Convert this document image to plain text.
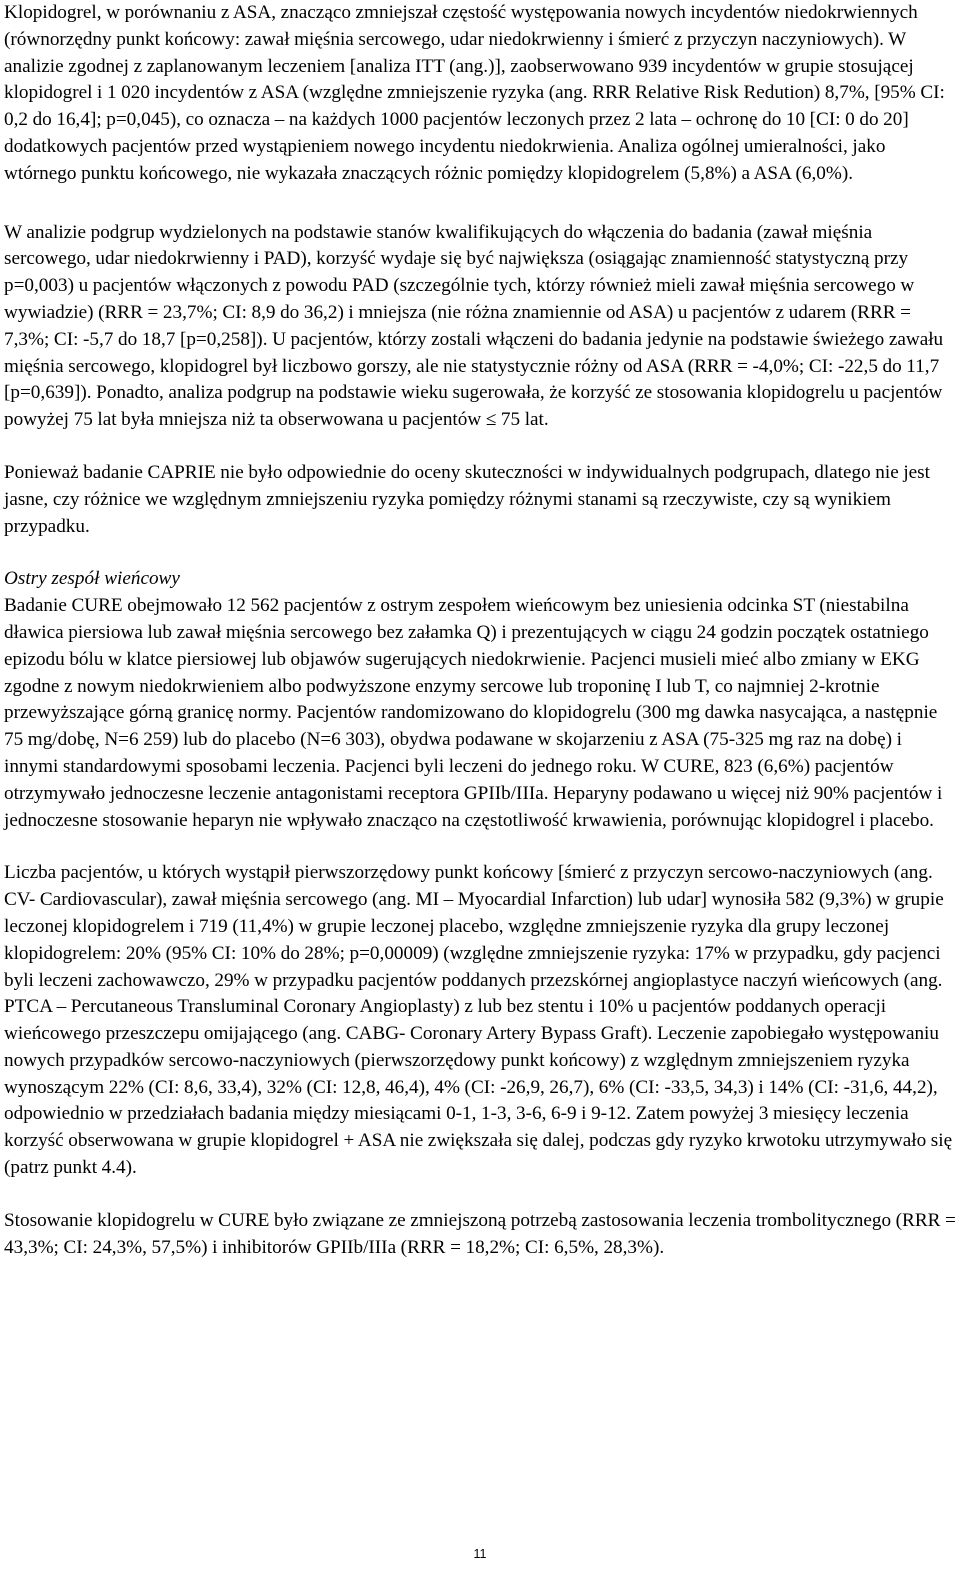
Klopidogrel, w porównaniu z ASA, znacząco zmniejszał częstość występowania nowych incydentów niedokrwiennych (równorzędny punkt końcowy: zawał mięśnia sercowego, udar niedokrwienny i śmierć z przyczyn naczyniowych). W analizie zgodnej z zaplanowanym leczeniem [analiza ITT (ang.)], zaobserwowano 939 incydentów w grupie stosującej klopidogrel i 1 020 incydentów z ASA (względne zmniejszenie ryzyka (ang. RRR Relative Risk Redution) 8,7%, [95% CI: 0,2 do 16,4]; p=0,045), co oznacza – na każdych 1000 pacjentów leczonych przez 2 lata – ochronę do 10 [CI: 0 do 20] dodatkowych pacjentów przed wystąpieniem nowego incydentu niedokrwienia. Analiza ogólnej umieralności, jako wtórnego punktu końcowego, nie wykazała znaczących różnic pomiędzy klopidogrelem (5,8%) a ASA (6,0%).

W analizie podgrup wydzielonych na podstawie stanów kwalifikujących do włączenia do badania (zawał mięśnia sercowego, udar niedokrwienny i PAD), korzyść wydaje się być największa (osiągając znamienność statystyczną przy p=0,003) u pacjentów włączonych z powodu PAD (szczególnie tych, którzy również mieli zawał mięśnia sercowego w wywiadzie) (RRR = 23,7%; CI: 8,9 do 36,2) i mniejsza (nie różna znamiennie od ASA) u pacjentów z udarem (RRR = 7,3%; CI: -5,7 do 18,7 [p=0,258]). U pacjentów, którzy zostali włączeni do badania jedynie na podstawie świeżego zawału mięśnia sercowego, klopidogrel był liczbowo gorszy, ale nie statystycznie różny od ASA (RRR = -4,0%; CI: -22,5 do 11,7 [p=0,639]). Ponadto, analiza podgrup na podstawie wieku sugerowała, że korzyść ze stosowania klopidogrelu u pacjentów powyżej 75 lat była mniejsza niż ta obserwowana u pacjentów ≤ 75 lat.

Ponieważ badanie CAPRIE nie było odpowiednie do oceny skuteczności w indywidualnych podgrupach, dlatego nie jest jasne, czy różnice we względnym zmniejszeniu ryzyka pomiędzy różnymi stanami są rzeczywiste, czy są wynikiem przypadku.

Ostry zespół wieńcowy

Badanie CURE obejmowało 12 562 pacjentów z ostrym zespołem wieńcowym bez uniesienia odcinka ST (niestabilna dławica piersiowa lub zawał mięśnia sercowego bez załamka Q) i prezentujących w ciągu 24 godzin początek ostatniego epizodu bólu w klatce piersiowej lub objawów sugerujących niedokrwienie. Pacjenci musieli mieć albo zmiany w EKG zgodne z nowym niedokrwieniem albo podwyższone enzymy sercowe lub troponinę I lub T, co najmniej 2-krotnie przewyższające górną granicę normy. Pacjentów randomizowano do klopidogrelu (300 mg dawka nasycająca, a następnie 75 mg/dobę, N=6 259) lub do placebo (N=6 303), obydwa podawane w skojarzeniu z ASA (75-325 mg raz na dobę) i innymi standardowymi sposobami leczenia. Pacjenci byli leczeni do jednego roku. W CURE, 823 (6,6%) pacjentów otrzymywało jednoczesne leczenie antagonistami receptora GPIIb/IIIa. Heparyny podawano u więcej niż 90% pacjentów i jednoczesne stosowanie heparyn nie wpływało znacząco na częstotliwość krwawienia, porównując klopidogrel i placebo.

Liczba pacjentów, u których wystąpił pierwszorzędowy punkt końcowy [śmierć z przyczyn sercowo-naczyniowych (ang. CV- Cardiovascular), zawał mięśnia sercowego (ang. MI – Myocardial Infarction) lub udar] wynosiła 582 (9,3%) w grupie leczonej klopidogrelem i 719 (11,4%) w grupie leczonej placebo, względne zmniejszenie ryzyka dla grupy leczonej klopidogrelem: 20% (95% CI: 10% do 28%; p=0,00009) (względne zmniejszenie ryzyka: 17% w przypadku, gdy pacjenci byli leczeni zachowawczo, 29% w przypadku pacjentów poddanych przezskórnej angioplastyce naczyń wieńcowych (ang. PTCA – Percutaneous Transluminal Coronary Angioplasty) z lub bez stentu i 10% u pacjentów poddanych operacji wieńcowego przeszczepu omijającego (ang. CABG- Coronary Artery Bypass Graft). Leczenie zapobiegało występowaniu nowych przypadków sercowo-naczyniowych (pierwszorzędowy punkt końcowy) z względnym zmniejszeniem ryzyka wynoszącym 22% (CI: 8,6, 33,4), 32% (CI: 12,8, 46,4), 4% (CI: -26,9, 26,7), 6% (CI: -33,5, 34,3) i 14% (CI: -31,6, 44,2), odpowiednio w przedziałach badania między miesiącami 0-1, 1-3, 3-6, 6-9 i 9-12. Zatem powyżej 3 miesięcy leczenia korzyść obserwowana w grupie klopidogrel + ASA nie zwiększała się dalej, podczas gdy ryzyko krwotoku utrzymywało się (patrz punkt 4.4).

Stosowanie klopidogrelu w CURE było związane ze zmniejszoną potrzebą zastosowania leczenia trombolitycznego (RRR = 43,3%; CI: 24,3%, 57,5%) i inhibitorów GPIIb/IIIa (RRR = 18,2%; CI: 6,5%, 28,3%).

11
